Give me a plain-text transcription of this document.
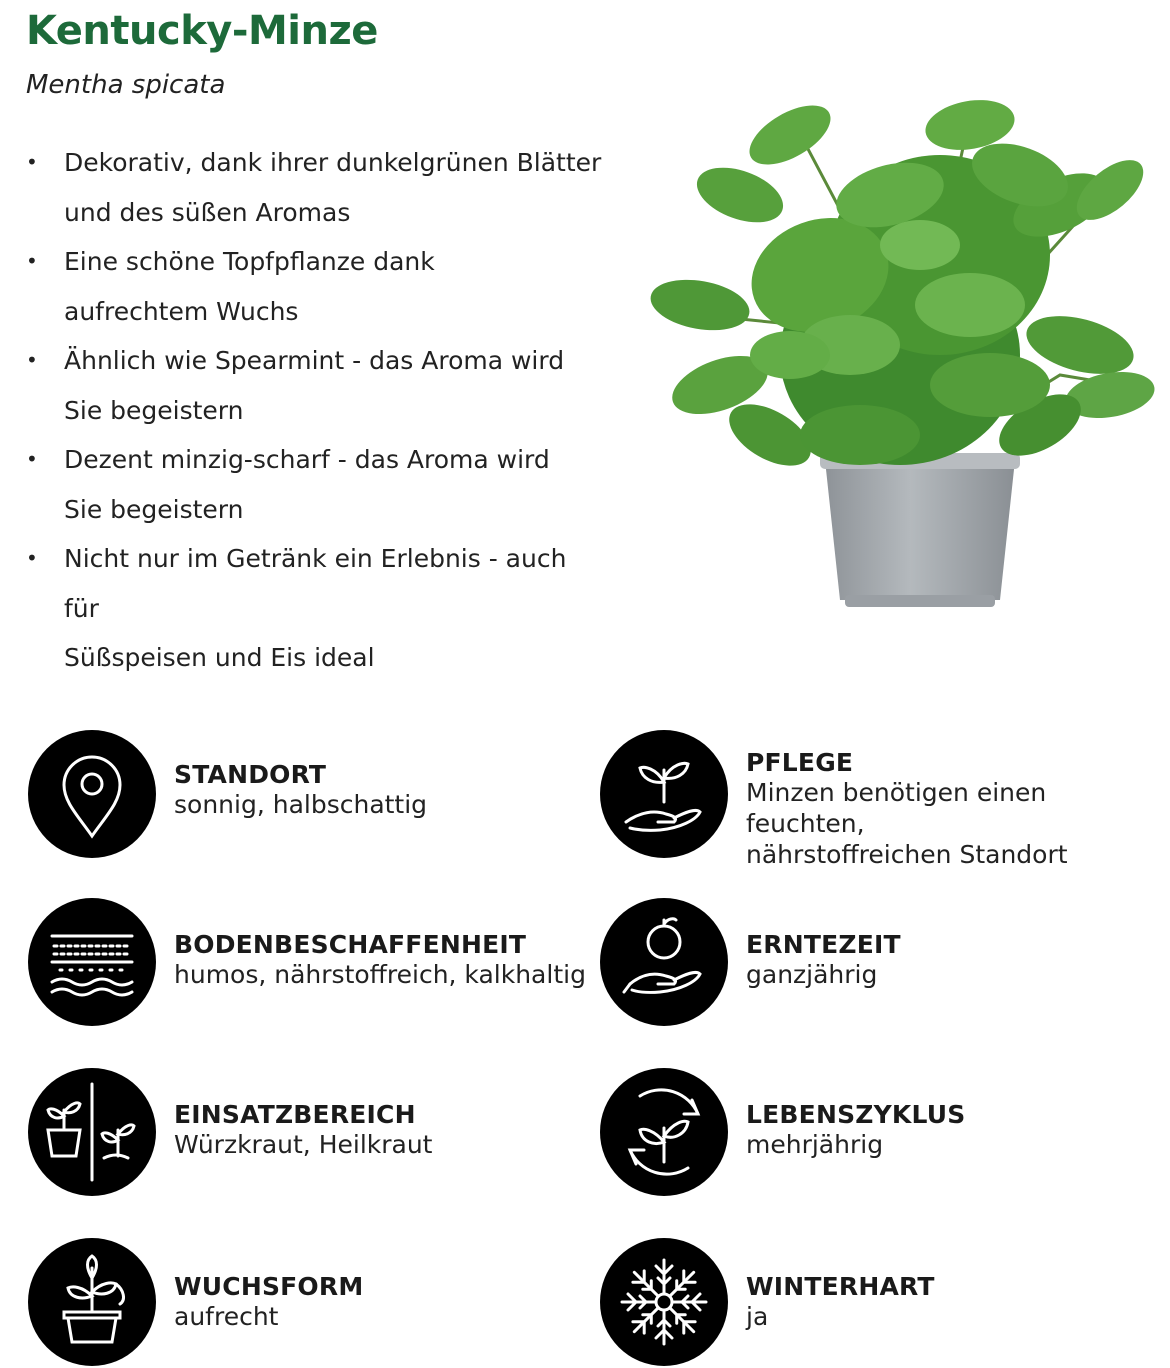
Kentucky-Minze
Mentha spicata
• Dekorativ, dank ihrer dunkelgrünen Blätter
und des süßen Aromas
• Eine schöne Topfpflanze dank
aufrechtem Wuchs
• Ähnlich wie Spearmint - das Aroma wird
Sie begeistern
• Dezent minzig-scharf - das Aroma wird
Sie begeistern
• Nicht nur im Getränk ein Erlebnis - auch für
Süßspeisen und Eis ideal
STANDORT
sonnig, halbschattig
PFLEGE
Minzen benötigen einen feuchten,
nährstoffreichen Standort
BODENBESCHAFFENHEIT
humos, nährstoffreich, kalkhaltig
ERNTEZEIT
ganzjährig
EINSATZBEREICH
Würzkraut, Heilkraut
LEBENSZYKLUS
mehrjährig
WUCHSFORM
aufrecht
WINTERHART
ja
